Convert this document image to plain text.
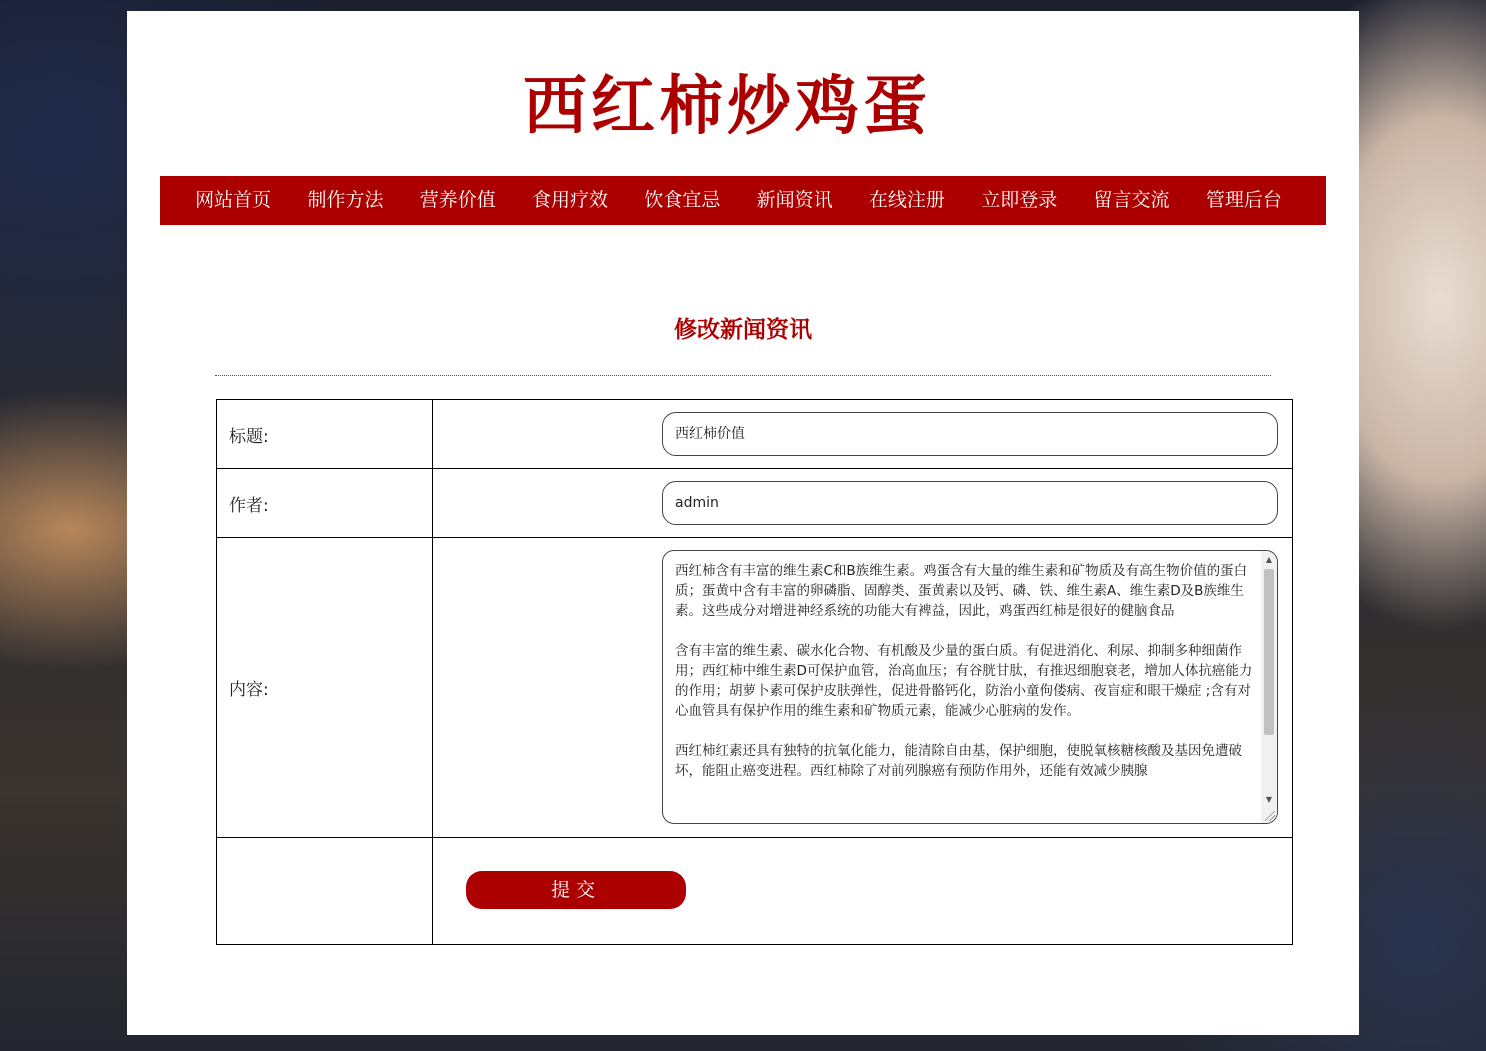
西红柿炒鸡蛋
网站首页	制作方法	营养价值	食用疗效	饮食宜忌	新闻资讯	在线注册	立即登录	留言交流	管理后台
修改新闻资讯
标题:	西红柿价值

作者:	admin

内容:	西红柿含有丰富的维生素C和B族维生素。鸡蛋含有大量的维生素和矿物质及有高生物价值的蛋白质；蛋黄中含有丰富的卵磷脂、固醇类、蛋黄素以及钙、磷、铁、维生素A、维生素D及B族维生素。这些成分对增进神经系统的功能大有裨益，因此，鸡蛋西红柿是很好的健脑食品

含有丰富的维生素、碳水化合物、有机酸及少量的蛋白质。有促进消化、利尿、抑制多种细菌作用；西红柿中维生素D可保护血管，治高血压；有谷胱甘肽，有推迟细胞衰老，增加人体抗癌能力的作用；胡萝卜素可保护皮肤弹性，促进骨骼钙化，防治小童佝偻病、夜盲症和眼干燥症 ;含有对心血管具有保护作用的维生素和矿物质元素，能减少心脏病的发作。

西红柿红素还具有独特的抗氧化能力，能清除自由基，保护细胞，使脱氧核糖核酸及基因免遭破坏，能阻止癌变进程。西红柿除了对前列腺癌有预防作用外，还能有效减少胰腺

▲
▼

	提交
